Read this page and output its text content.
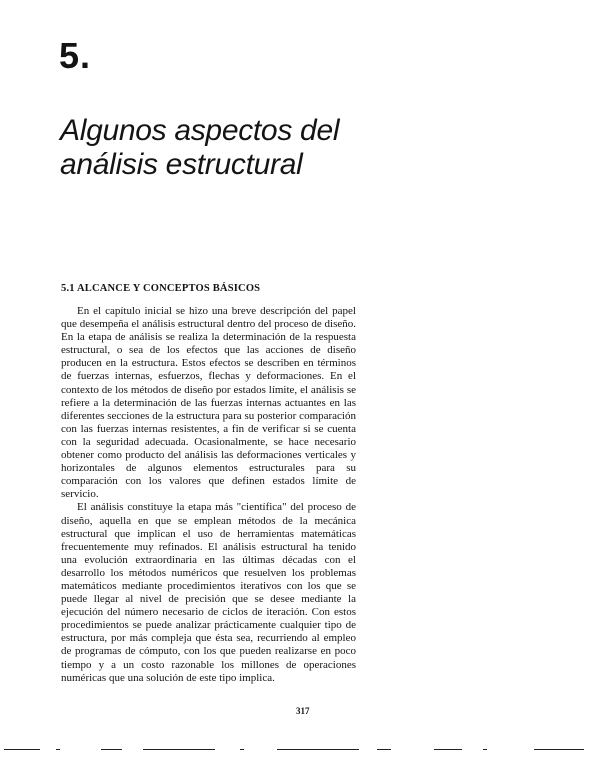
5.
Algunos aspectos del análisis estructural
5.1 ALCANCE Y CONCEPTOS BÁSICOS

En el capítulo inicial se hizo una breve descripción del papel que desempeña el análisis estructural dentro del proceso de diseño. En la etapa de análisis se realiza la determinación de la respuesta estructural, o sea de los efectos que las acciones de diseño producen en la estructura. Estos efectos se describen en términos de fuerzas internas, esfuerzos, flechas y deformaciones. En el contexto de los métodos de diseño por estados límite, el análisis se refiere a la determinación de las fuerzas internas actuantes en las diferentes secciones de la estructura para su posterior comparación con las fuerzas internas resistentes, a fin de verificar si se cuenta con la seguridad adecuada. Ocasionalmente, se hace necesario obtener como producto del análisis las deformaciones verticales y horizontales de algunos elementos estructurales para su comparación con los valores que definen estados límite de servicio.

El análisis constituye la etapa más "científica" del proceso de diseño, aquella en que se emplean métodos de la mecánica estructural que implican el uso de herramientas matemáticas frecuentemente muy refinados. El análisis estructural ha tenido una evolución extraordinaria en las últimas décadas con el desarrollo los métodos numéricos que resuelven los problemas matemáticos mediante procedimientos iterativos con los que se puede llegar al nivel de precisión que se desee mediante la ejecución del número necesario de ciclos de iteración. Con estos procedimientos se puede analizar prácticamente cualquier tipo de estructura, por más compleja que ésta sea, recurriendo al empleo de programas de cómputo, con los que pueden realizarse en poco tiempo y a un costo razonable los millones de operaciones numéricas que una solución de este tipo implica.

317
